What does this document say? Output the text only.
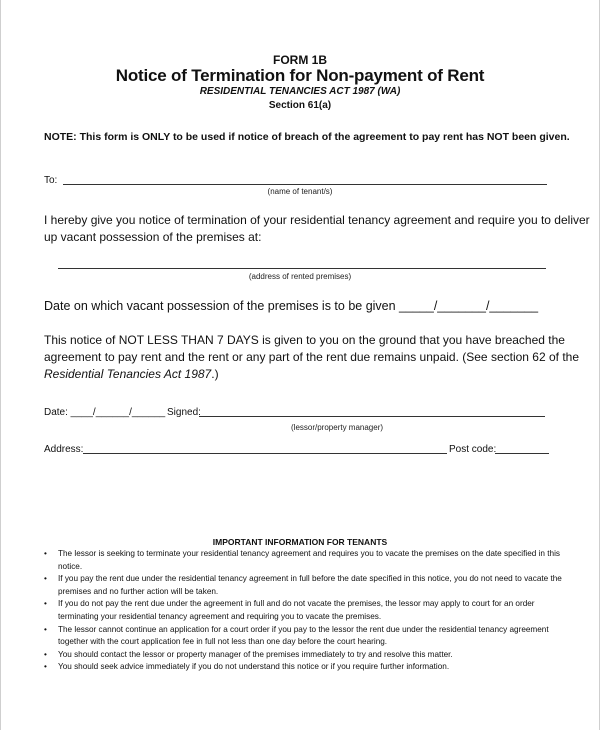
FORM 1B
Notice of Termination for Non-payment of Rent
RESIDENTIAL TENANCIES ACT 1987 (WA)
Section 61(a)
NOTE: This form is ONLY to be used if notice of breach of the agreement to pay rent has NOT been given.
To:
(name of tenant/s)
I hereby give you notice of termination of your residential tenancy agreement and require you to deliver
up vacant possession of the premises at:
(address of rented premises)
Date on which vacant possession of the premises is to be given _____/_______/_______
This notice of NOT LESS THAN 7 DAYS is given to you on the ground that you have breached the
agreement to pay rent and the rent or any part of the rent due remains unpaid. (See section 62 of the
Residential Tenancies Act 1987.)
Date: ____/______/______ Signed:
(lessor/property manager)
Address:	Post code:
IMPORTANT INFORMATION FOR TENANTS
• The lessor is seeking to terminate your residential tenancy agreement and requires you to vacate the premises on the date specified in this notice.
• If you pay the rent due under the residential tenancy agreement in full before the date specified in this notice, you do not need to vacate the premises and no further action will be taken.
• If you do not pay the rent due under the agreement in full and do not vacate the premises, the lessor may apply to court for an order terminating your residential tenancy agreement and requiring you to vacate the premises.
• The lessor cannot continue an application for a court order if you pay to the lessor the rent due under the residential tenancy agreement together with the court application fee in full not less than one day before the court hearing.
• You should contact the lessor or property manager of the premises immediately to try and resolve this matter.
• You should seek advice immediately if you do not understand this notice or if you require further information.
